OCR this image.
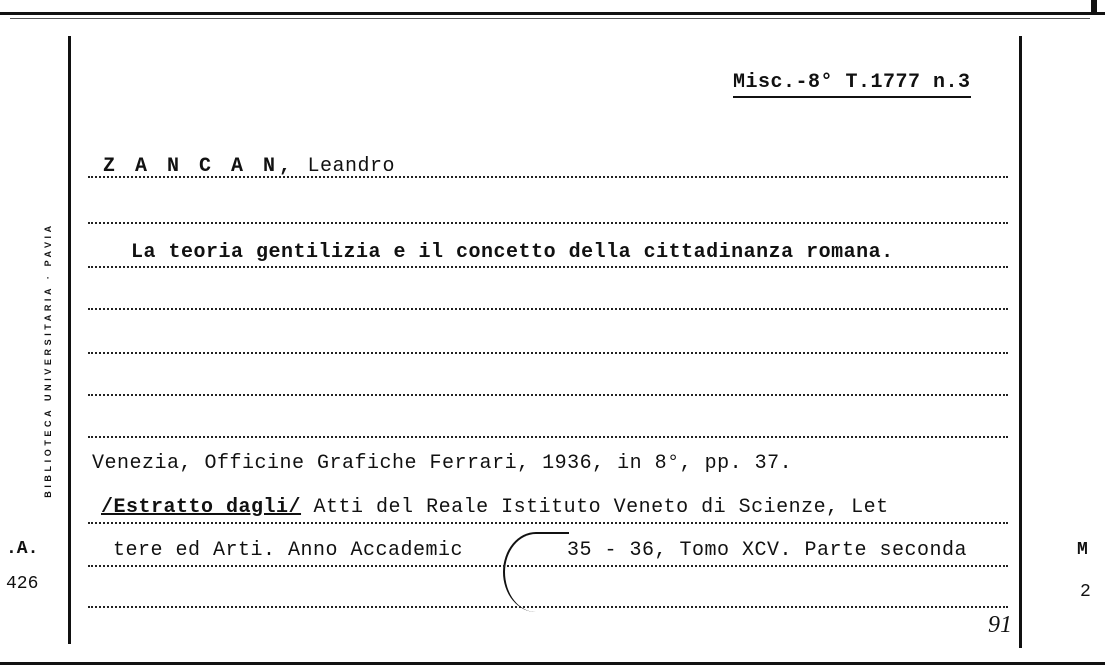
BIBLIOTECA UNIVERSITARIA · PAVIA
.A.
426
M
2
Misc.-8° T.1777 n.3
Z A N C A N, Leandro
La teoria gentilizia e il concetto della cittadinanza romana.
Venezia, Officine Grafiche Ferrari, 1936, in 8°, pp. 37.
/Estratto dagli/ Atti del Reale Istituto Veneto di Scienze, Let
tere ed Arti. Anno Accademic	35 - 36, Tomo XCV. Parte seconda
91
